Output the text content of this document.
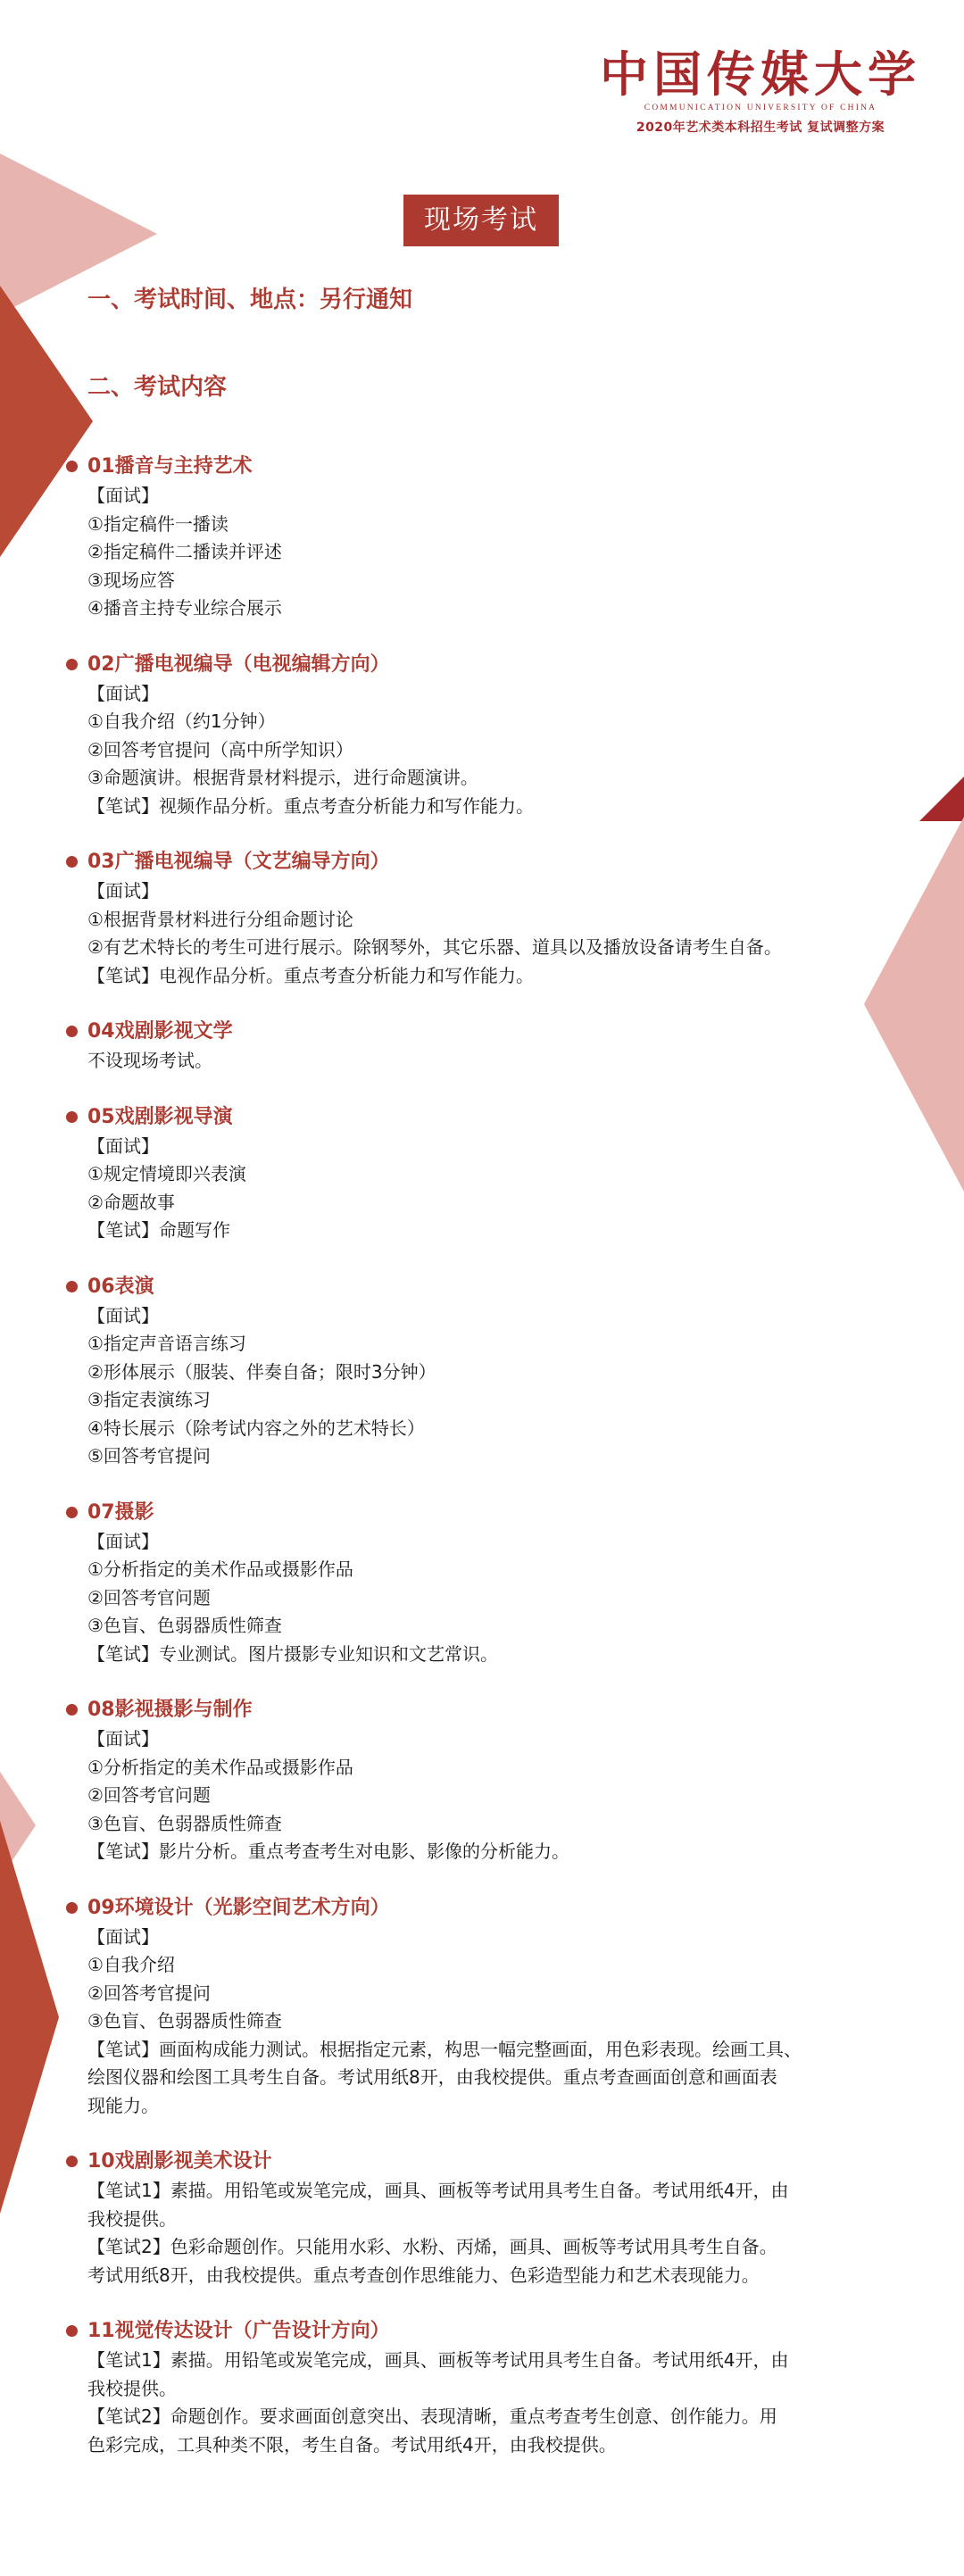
中国传媒大学
COMMUNICATION UNIVERSITY OF CHINA
2020年艺术类本科招生考试 复试调整方案
现场考试
一、考试时间、地点：另行通知
二、考试内容
01播音与主持艺术
【面试】
①指定稿件一播读
②指定稿件二播读并评述
③现场应答
④播音主持专业综合展示
02广播电视编导（电视编辑方向）
【面试】
①自我介绍（约1分钟）
②回答考官提问（高中所学知识）
③命题演讲。根据背景材料提示，进行命题演讲。
【笔试】视频作品分析。重点考查分析能力和写作能力。
03广播电视编导（文艺编导方向）
【面试】
①根据背景材料进行分组命题讨论
②有艺术特长的考生可进行展示。除钢琴外，其它乐器、道具以及播放设备请考生自备。
【笔试】电视作品分析。重点考查分析能力和写作能力。
04戏剧影视文学
不设现场考试。
05戏剧影视导演
【面试】
①规定情境即兴表演
②命题故事
【笔试】命题写作
06表演
【面试】
①指定声音语言练习
②形体展示（服装、伴奏自备；限时3分钟）
③指定表演练习
④特长展示（除考试内容之外的艺术特长）
⑤回答考官提问
07摄影
【面试】
①分析指定的美术作品或摄影作品
②回答考官问题
③色盲、色弱器质性筛查
【笔试】专业测试。图片摄影专业知识和文艺常识。
08影视摄影与制作
【面试】
①分析指定的美术作品或摄影作品
②回答考官问题
③色盲、色弱器质性筛查
【笔试】影片分析。重点考查考生对电影、影像的分析能力。
09环境设计（光影空间艺术方向）
【面试】
①自我介绍
②回答考官提问
③色盲、色弱器质性筛查
【笔试】画面构成能力测试。根据指定元素，构思一幅完整画面，用色彩表现。绘画工具、
绘图仪器和绘图工具考生自备。考试用纸8开，由我校提供。重点考查画面创意和画面表
现能力。
10戏剧影视美术设计
【笔试1】素描。用铅笔或炭笔完成，画具、画板等考试用具考生自备。考试用纸4开，由
我校提供。
【笔试2】色彩命题创作。只能用水彩、水粉、丙烯，画具、画板等考试用具考生自备。
考试用纸8开，由我校提供。重点考查创作思维能力、色彩造型能力和艺术表现能力。
11视觉传达设计（广告设计方向）
【笔试1】素描。用铅笔或炭笔完成，画具、画板等考试用具考生自备。考试用纸4开，由
我校提供。
【笔试2】命题创作。要求画面创意突出、表现清晰，重点考查考生创意、创作能力。用
色彩完成，工具种类不限，考生自备。考试用纸4开，由我校提供。
